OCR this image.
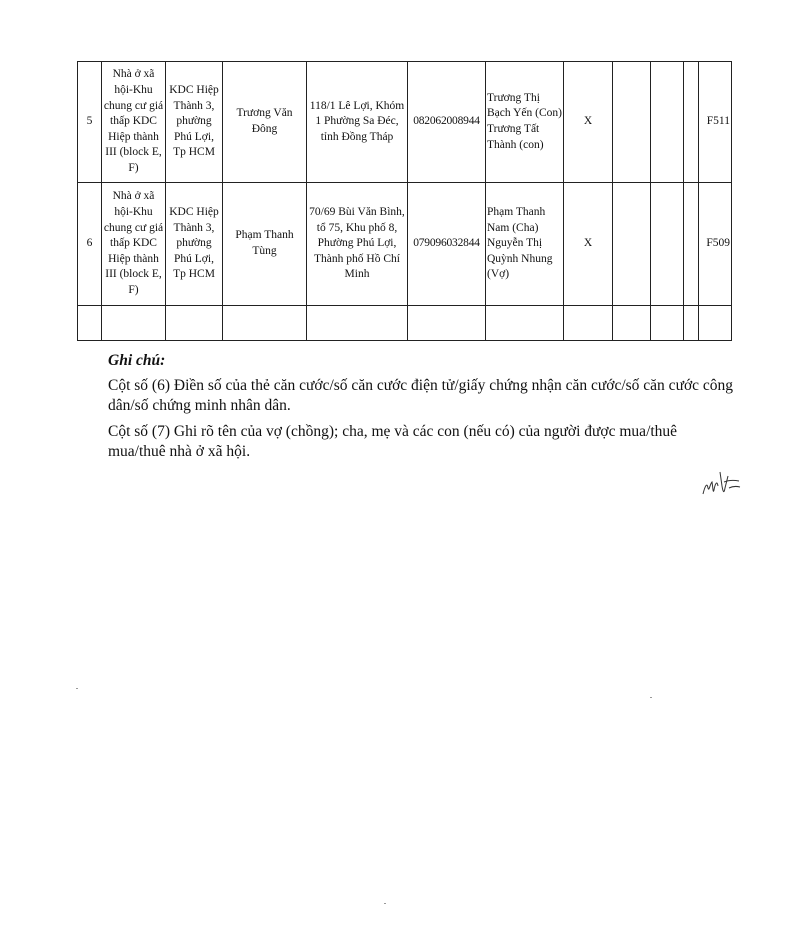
5	Nhà ở xã hội-Khu chung cư giá thấp KDC Hiệp thành III (block E, F)	KDC Hiệp Thành 3, phường Phú Lợi, Tp HCM	Trương Văn Đông	118/1 Lê Lợi, Khóm 1 Phường Sa Đéc, tỉnh Đồng Tháp	082062008944	Trương Thị Bạch Yến (Con) Trương Tất Thành (con)	X				F511
6	Nhà ở xã hội-Khu chung cư giá thấp KDC Hiệp thành III (block E, F)	KDC Hiệp Thành 3, phường Phú Lợi, Tp HCM	Phạm Thanh Tùng	70/69 Bùi Văn Bình, tổ 75, Khu phố 8, Phường Phú Lợi, Thành phố Hồ Chí Minh	079096032844	Phạm Thanh Nam (Cha) Nguyễn Thị Quỳnh Nhung (Vợ)	X				F509

Ghi chú:

Cột số (6) Điền số của thẻ căn cước/số căn cước điện tử/giấy chứng nhận căn cước/số căn cước công dân/số chứng minh nhân dân.

Cột số (7) Ghi rõ tên của vợ (chồng); cha, mẹ và các con (nếu có) của người được mua/thuê mua/thuê nhà ở xã hội.
